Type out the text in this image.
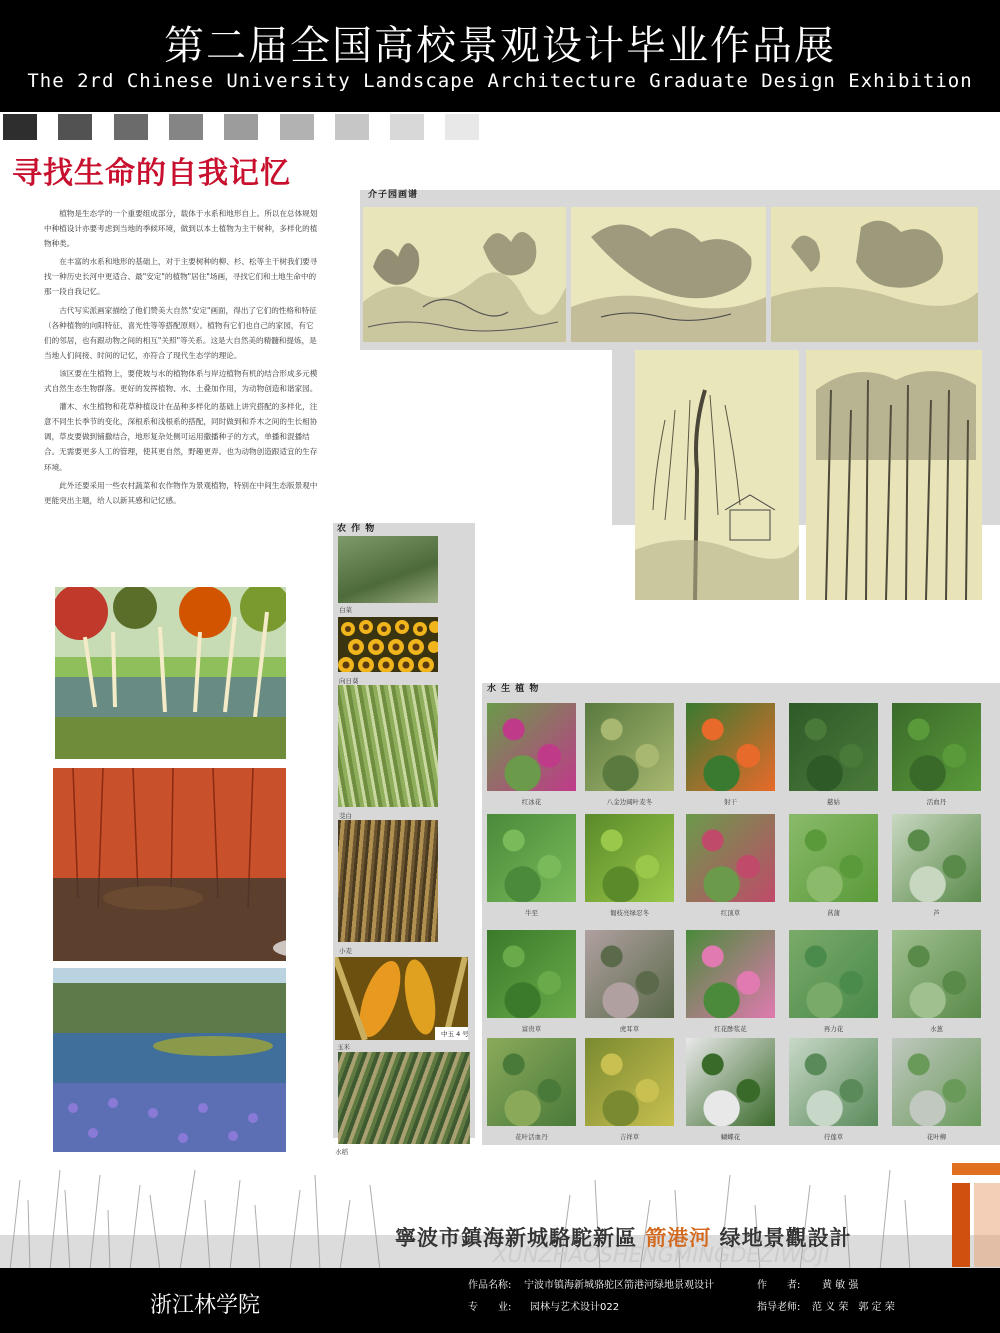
第二届全国高校景观设计毕业作品展
The 2rd Chinese University Landscape Architecture Graduate Design Exhibition
寻找生命的自我记忆

植物是生态学的一个重要组成部分，载体于水系和地形自上。所以在总体规划中种植设计亦要考虑到当地的季候环境，做到以本土植物为主干树种，多样化的植物种类。

在丰富的水系和地形的基础上，对于主要树种的柳、杉、松等主干树我们要寻找一种历史长河中更适合、最"安定"的植物"居住"场画，寻找它们和土地生命中的那一段自我记忆。

古代写实派画家描绘了他们赞美大自然"安定"画面，得出了它们的性格和特征（各种植物的向阳特征、喜光性等等搭配原则）。植物有它们也自己的家园，有它们的邻居，也有跟动物之间的相互"关照"等关系。这是大自然美的精髓和提炼，是当地人们间接、时间的记忆，亦符合了现代生态学的理论。

该区要在生植物上，要使坡与水的植物体系与岸边植物有机的结合形成多元模式自然生态生物群落。更好的发挥植物、水、土叠加作用，为动物创造和谐家园。

灌木、水生植物和花草种植设计在品种多样化的基础上讲究搭配的多样化，注意不同生长季节的变化，深根系和浅根系的搭配，同时做到和乔木之间的生长相协调，草皮要做到铺撒结合，地形复杂处侧可运用撒播种子的方式，单播和混播结合。无需要更多人工的管理，使其更自然，野趣更弄。也为动物创造跟适宜的生存环境。

此外还要采用一些农村蔬菜和农作物作为景观植物，特别在中间生态版景观中更能突出主题，给人以新其感和记忆感。

介子园画谱
农 作 物
白菜
向日葵
茭白
小麦
中玉 4 号
玉米
水稻
水 生 植 物
红冰花	八金边阔叶麦冬	射干	慈姑	活血丹
牛至	匍枝亮绿忍冬	红顶草	菖蒲	芦
富贵草	虎耳草	红花酢浆花	再力花	水葱
花叶活血丹	吉祥草	蝴蝶花	荇莲草	花叶柳
XUNZHAOSHENGMINGDEZIWOJI
寧波市鎮海新城駱駝新區 箭港河 绿地景觀設計
浙江林学院
作品名称: 宁波市镇海新城骆驼区箭港河绿地景观设计	作　　者: 黄 敏 强
专　　业: 园林与艺术设计022	指导老师: 范 义 荣　郭 定 荣
